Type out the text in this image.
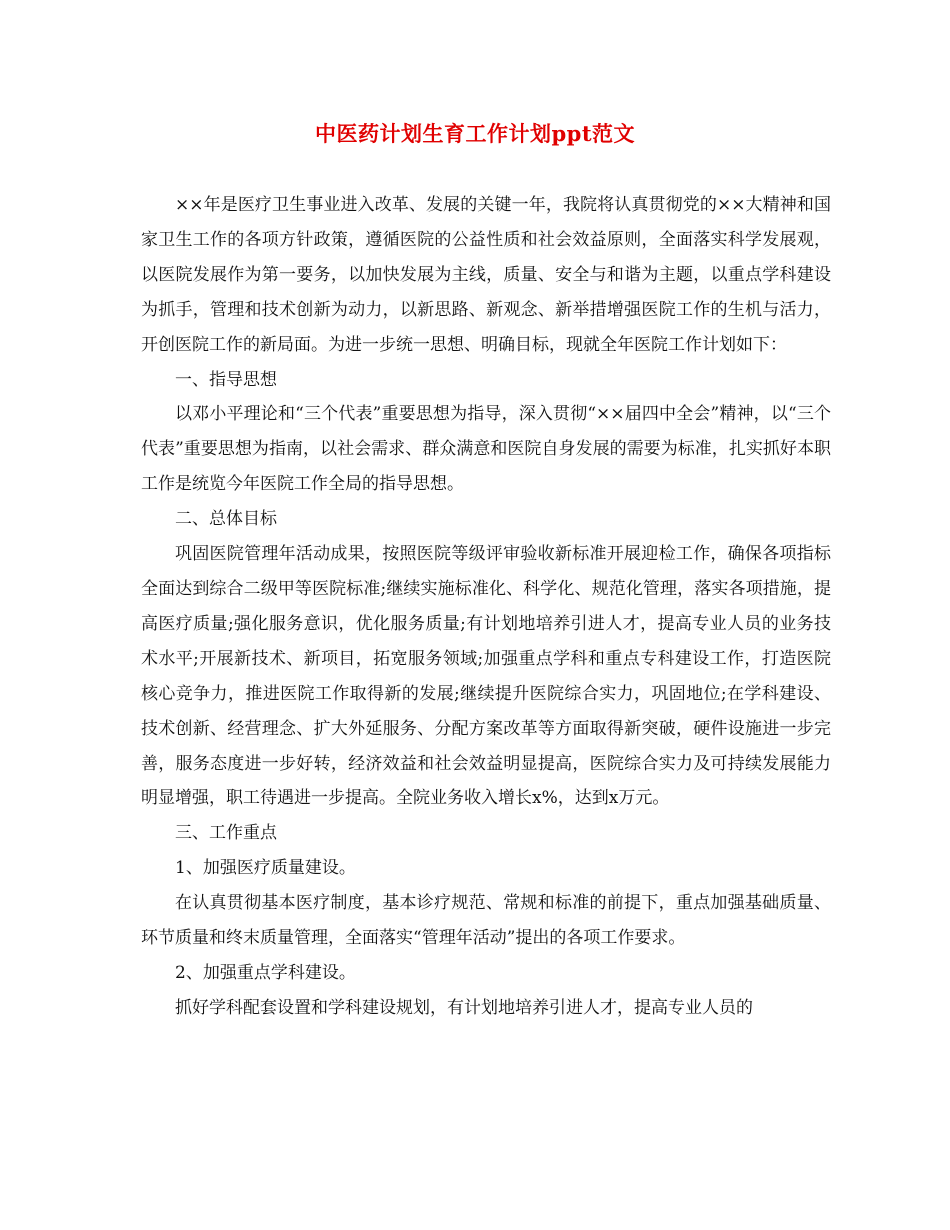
中医药计划生育工作计划ppt范文

××年是医疗卫生事业进入改革、发展的关键一年，我院将认真贯彻党的××大精神和国家卫生工作的各项方针政策，遵循医院的公益性质和社会效益原则，全面落实科学发展观，以医院发展作为第一要务，以加快发展为主线，质量、安全与和谐为主题，以重点学科建设为抓手，管理和技术创新为动力，以新思路、新观念、新举措增强医院工作的生机与活力，开创医院工作的新局面。为进一步统一思想、明确目标，现就全年医院工作计划如下：

一、指导思想

以邓小平理论和“三个代表”重要思想为指导，深入贯彻“××届四中全会”精神，以“三个代表”重要思想为指南，以社会需求、群众满意和医院自身发展的需要为标准，扎实抓好本职工作是统览今年医院工作全局的指导思想。

二、总体目标

巩固医院管理年活动成果，按照医院等级评审验收新标准开展迎检工作，确保各项指标全面达到综合二级甲等医院标准;继续实施标准化、科学化、规范化管理，落实各项措施，提高医疗质量;强化服务意识，优化服务质量;有计划地培养引进人才，提高专业人员的业务技术水平;开展新技术、新项目，拓宽服务领域;加强重点学科和重点专科建设工作，打造医院核心竞争力，推进医院工作取得新的发展;继续提升医院综合实力，巩固地位;在学科建设、技术创新、经营理念、扩大外延服务、分配方案改革等方面取得新突破，硬件设施进一步完善，服务态度进一步好转，经济效益和社会效益明显提高，医院综合实力及可持续发展能力明显增强，职工待遇进一步提高。全院业务收入增长x%，达到x万元。

三、工作重点

1、加强医疗质量建设。

在认真贯彻基本医疗制度，基本诊疗规范、常规和标准的前提下，重点加强基础质量、环节质量和终末质量管理，全面落实“管理年活动”提出的各项工作要求。

2、加强重点学科建设。

抓好学科配套设置和学科建设规划，有计划地培养引进人才，提高专业人员的
